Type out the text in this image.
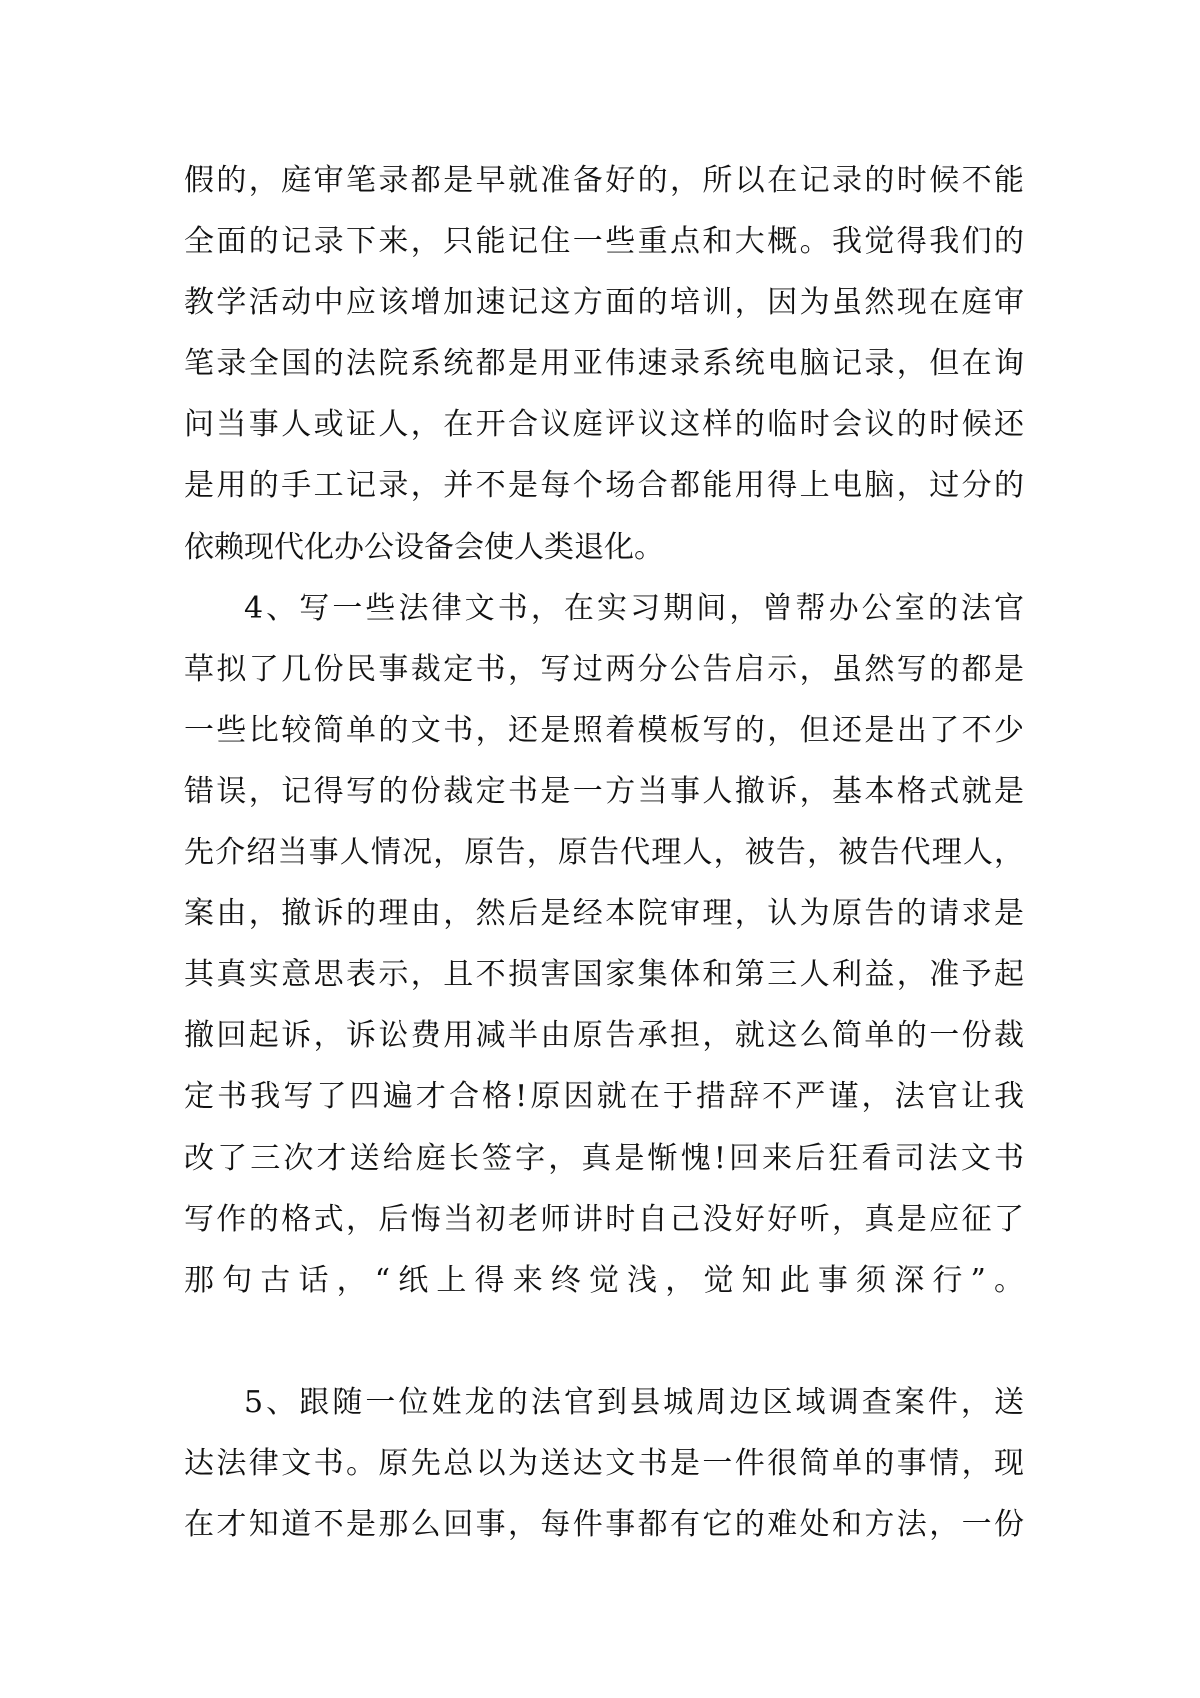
假的，庭审笔录都是早就准备好的，所以在记录的时候不能
全面的记录下来，只能记住一些重点和大概。我觉得我们的
教学活动中应该增加速记这方面的培训，因为虽然现在庭审
笔录全国的法院系统都是用亚伟速录系统电脑记录，但在询
问当事人或证人，在开合议庭评议这样的临时会议的时候还
是用的手工记录，并不是每个场合都能用得上电脑，过分的
依赖现代化办公设备会使人类退化。
4、写一些法律文书，在实习期间，曾帮办公室的法官
草拟了几份民事裁定书，写过两分公告启示，虽然写的都是
一些比较简单的文书，还是照着模板写的，但还是出了不少
错误，记得写的份裁定书是一方当事人撤诉，基本格式就是
先介绍当事人情况，原告，原告代理人，被告，被告代理人，
案由，撤诉的理由，然后是经本院审理，认为原告的请求是
其真实意思表示，且不损害国家集体和第三人利益，准予起
撤回起诉，诉讼费用减半由原告承担，就这么简单的一份裁
定书我写了四遍才合格!原因就在于措辞不严谨，法官让我
改了三次才送给庭长签字，真是惭愧!回来后狂看司法文书
写作的格式，后悔当初老师讲时自己没好好听，真是应征了
那句古话，“纸上得来终觉浅，觉知此事须深行”。
5、跟随一位姓龙的法官到县城周边区域调查案件，送
达法律文书。原先总以为送达文书是一件很简单的事情，现
在才知道不是那么回事，每件事都有它的难处和方法，一份
